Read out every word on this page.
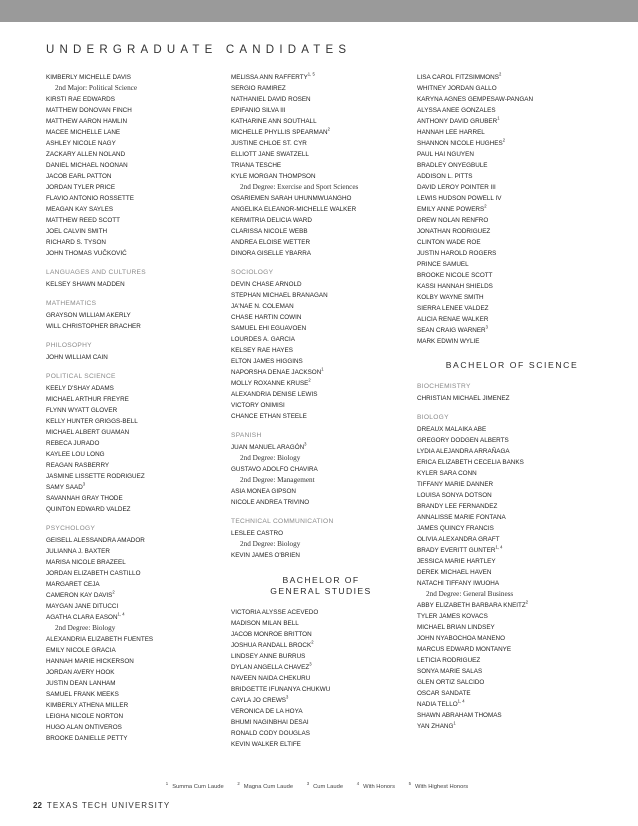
UNDERGRADUATE CANDIDATES
KIMBERLY MICHELLE DAVIS
2nd Major: Political Science
KIRSTI RAE EDWARDS
MATTHEW DONOVAN FINCH
MATTHEW AARON HAMLIN
MACEE MICHELLE LANE
ASHLEY NICOLE NAGY
ZACKARY ALLEN NOLAND
DANIEL MICHAEL NOONAN
JACOB EARL PATTON
JORDAN TYLER PRICE
FLAVIO ANTONIO ROSSETTE
MEAGAN KAY SAYLES
MATTHEW REED SCOTT
JOEL CALVIN SMITH
RICHARD S. TYSON
JOHN THOMAS VUČKOVIĆ
LANGUAGES AND CULTURES
KELSEY SHAWN MADDEN
MATHEMATICS
GRAYSON WILLIAM AKERLY
WILL CHRISTOPHER BRACHER
PHILOSOPHY
JOHN WILLIAM CAIN
POLITICAL SCIENCE
KEELY D'SHAY ADAMS
MICHAEL ARTHUR FREYRE
FLYNN WYATT GLOVER
KELLY HUNTER GRIGGS-BELL
MICHAEL ALBERT GUAMAN
REBECA JURADO
KAYLEE LOU LONG
REAGAN RASBERRY
JASMINE LISSETTE RODRIGUEZ
SAMY SAAD$^3$
SAVANNAH GRAY THODE
QUINTON EDWARD VALDEZ
PSYCHOLOGY
GEISELL ALESSANDRA AMADOR
JULIANNA J. BAXTER
MARISA NICOLE BRAZEEL
JORDAN ELIZABETH CASTILLO
MARGARET CEJA
CAMERON KAY DAVIS$^2$
MAYGAN JANE DITUCCI
AGATHA CLARA EASON$^{1, 4}$
2nd Degree: Biology
ALEXANDRIA ELIZABETH FUENTES
EMILY NICOLE GRACIA
HANNAH MARIE HICKERSON
JORDAN AVERY HOOK
JUSTIN DEAN LANHAM
SAMUEL FRANK MEEKS
KIMBERLY ATHENA MILLER
LEIGHA NICOLE NORTON
HUGO ALAN ONTIVEROS
BROOKE DANIELLE PETTY
MELISSA ANN RAFFERTY$^{1, 5}$
SERGIO RAMIREZ
NATHANIEL DAVID ROSEN
EPIFANIO SILVA III
KATHARINE ANN SOUTHALL
MICHELLE PHYLLIS SPEARMAN$^2$
JUSTINE CHLOE ST. CYR
ELLIOTT JANE SWATZELL
TRIANA TESCHE
KYLE MORGAN THOMPSON
2nd Degree: Exercise and Sport Sciences
OSARIEMEN SARAH UHUNMWUANGHO
ANGELIKA ELEANOR-MICHELLE WALKER
KERMITRIA DELICIA WARD
CLARISSA NICOLE WEBB
ANDREA ELOISE WETTER
DINORA GISELLE YBARRA
SOCIOLOGY
DEVIN CHASE ARNOLD
STEPHAN MICHAEL BRANAGAN
JA'NAE N. COLEMAN
CHASE HARTIN COWIN
SAMUEL EHI EGUAVOEN
LOURDES A. GARCIA
KELSEY RAE HAYES
ELTON JAMES HIGGINS
NAPORSHA DENAE JACKSON$^1$
MOLLY ROXANNE KRUSE$^2$
ALEXANDRIA DENISE LEWIS
VICTORY ONIMISI
CHANCE ETHAN STEELE
SPANISH
JUAN MANUEL ARAGÓN$^3$
2nd Degree: Biology
GUSTAVO ADOLFO CHAVIRA
2nd Degree: Management
ASIA MONEA GIPSON
NICOLE ANDREA TRIVINO
TECHNICAL COMMUNICATION
LESLEE CASTRO
2nd Degree: Biology
KEVIN JAMES O'BRIEN
BACHELOR OF
GENERAL STUDIES
VICTORIA ALYSSE ACEVEDO
MADISON MILAN BELL
JACOB MONROE BRITTON
JOSHUA RANDALL BROCK$^2$
LINDSEY ANNE BURRUS
DYLAN ANGELLA CHAVEZ$^3$
NAVEEN NAIDA CHEKURU
BRIDGETTE IFUNANYA CHUKWU
CAYLA JO CREWS$^3$
VERONICA DE LA HOYA
BHUMI NAGINBHAI DESAI
RONALD CODY DOUGLAS
KEVIN WALKER ELTIFE
LISA CAROL FITZSIMMONS$^2$
WHITNEY JORDAN GALLO
KARYNA AGNES GEMPESAW-PANGAN
ALYSSA ANEE GONZALES
ANTHONY DAVID GRUBER$^1$
HANNAH LEE HARREL
SHANNON NICOLE HUGHES$^2$
PAUL HAI NGUYEN
BRADLEY ONYEGBULE
ADDISON L. PITTS
DAVID LEROY POINTER III
LEWIS HUDSON POWELL IV
EMILY ANNE POWERS$^2$
DREW NOLAN RENFRO
JONATHAN RODRIGUEZ
CLINTON WADE ROE
JUSTIN HAROLD ROGERS
PRINCE SAMUEL
BROOKE NICOLE SCOTT
KASSI HANNAH SHIELDS
KOLBY WAYNE SMITH
SIERRA LENEE VALDEZ
ALICIA RENAE WALKER
SEAN CRAIG WARNER$^3$
MARK EDWIN WYLIE
BACHELOR OF SCIENCE
BIOCHEMISTRY
CHRISTIAN MICHAEL JIMENEZ
BIOLOGY
DREAUX MALAIKA ABE
GREGORY DODGEN ALBERTS
LYDIA ALEJANDRA ARRAÑAGA
ERICA ELIZABETH CECELIA BANKS
KYLER SARA CONN
TIFFANY MARIE DANNER
LOUISA SONYA DOTSON
BRANDY LEE FERNANDEZ
ANNALISSE MARIE FONTANA
JAMES QUINCY FRANCIS
OLIVIA ALEXANDRA GRAFT
BRADY EVERITT GUNTER$^{1, 4}$
JESSICA MARIE HARTLEY
DEREK MICHAEL HAVEN
NATACHI TIFFANY IWUOHA
2nd Degree: General Business
ABBY ELIZABETH BARBARA KNEITZ$^2$
TYLER JAMES KOVACS
MICHAEL BRIAN LINDSEY
JOHN NYABOCHOA MANENO
MARCUS EDWARD MONTANYE
LETICIA RODRIGUEZ
SONYA MARIE SALAS
GLEN ORTIZ SALCIDO
OSCAR SANDATE
NADIA TELLO$^{1, 4}$
SHAWN ABRAHAM THOMAS
YAN ZHANG$^1$
$^1$Summa Cum Laude $^2$Magna Cum Laude $^3$Cum Laude $^4$With Honors $^5$With Highest Honors
22 TEXAS TECH UNIVERSITY
